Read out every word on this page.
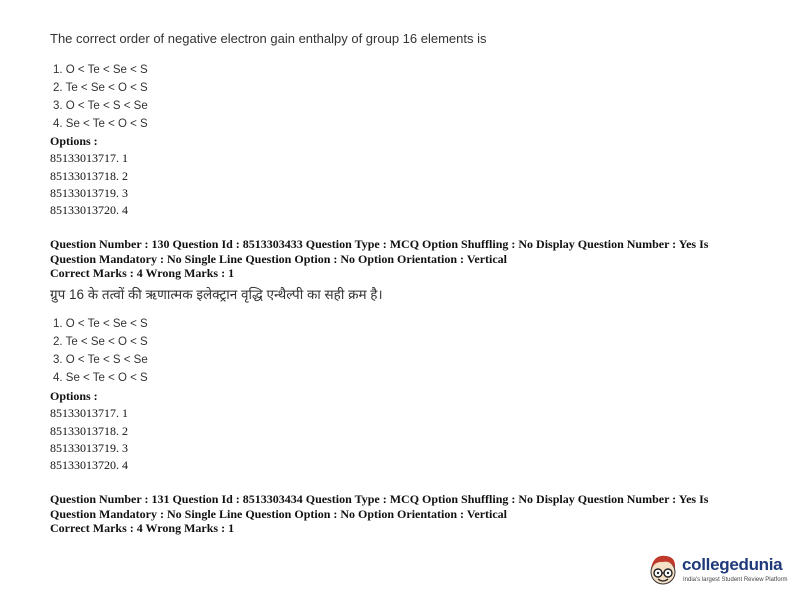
The correct order of negative electron gain enthalpy of group 16 elements is
1. O < Te < Se < S
2. Te < Se < O < S
3. O < Te < S < Se
4. Se < Te < O < S
Options :
85133013717. 1
85133013718. 2
85133013719. 3
85133013720. 4
Question Number : 130 Question Id : 8513303433 Question Type : MCQ Option Shuffling : No Display Question Number : Yes Is
Question Mandatory : No Single Line Question Option : No Option Orientation : Vertical
Correct Marks : 4 Wrong Marks : 1
ग्रुप 16 के तत्वों की ऋणात्मक इलेक्ट्रान वृद्धि एन्थैल्पी का सही क्रम है।
1. O < Te < Se < S
2. Te < Se < O < S
3. O < Te < S < Se
4. Se < Te < O < S
Options :
85133013717. 1
85133013718. 2
85133013719. 3
85133013720. 4
Question Number : 131 Question Id : 8513303434 Question Type : MCQ Option Shuffling : No Display Question Number : Yes Is
Question Mandatory : No Single Line Question Option : No Option Orientation : Vertical
Correct Marks : 4 Wrong Marks : 1
collegedunia
India's largest Student Review Platform
